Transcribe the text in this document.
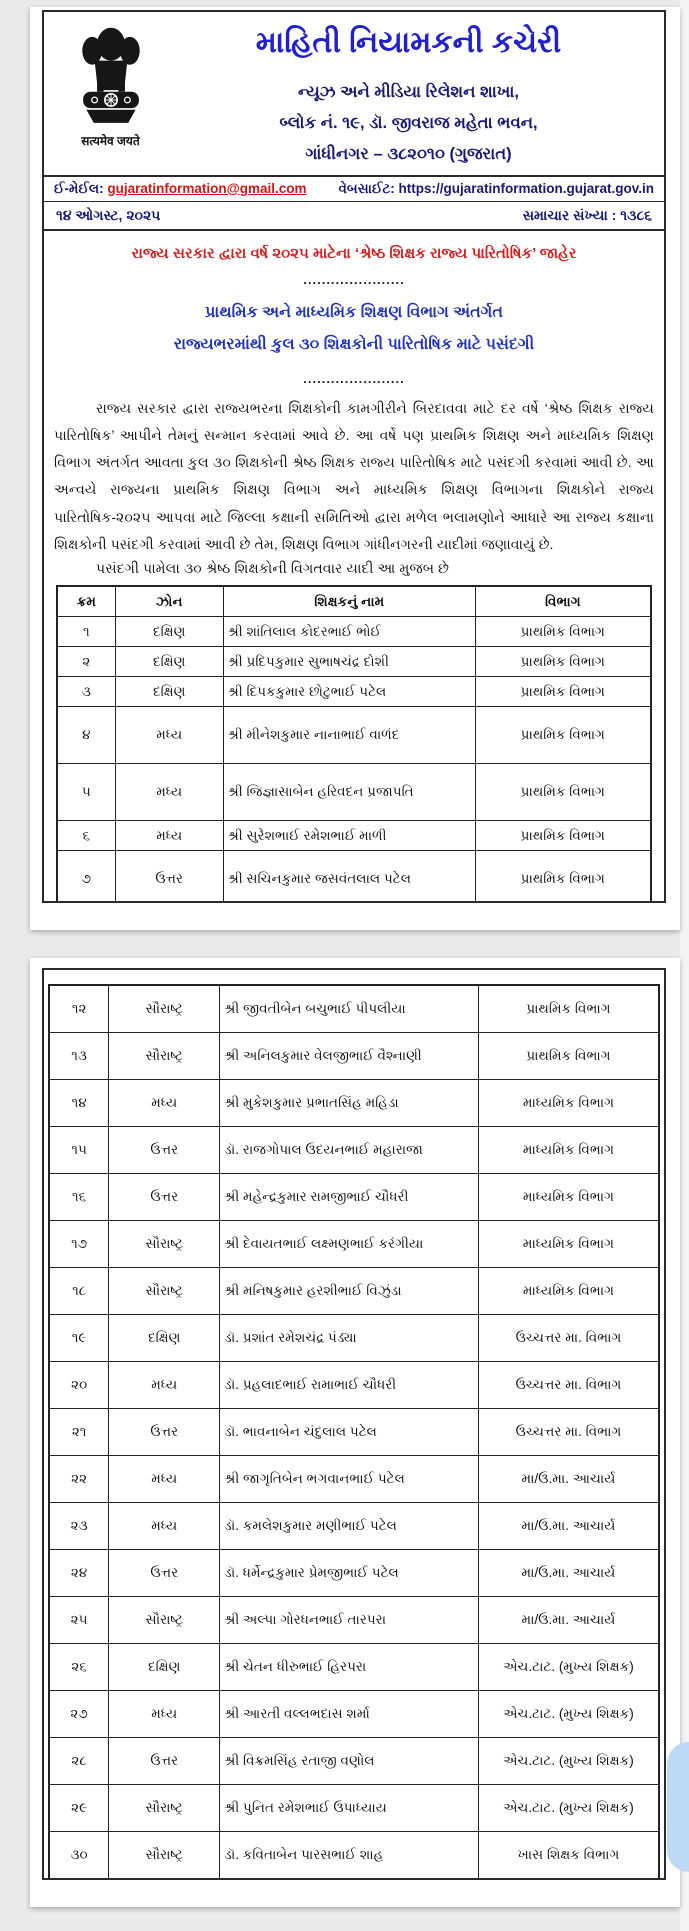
सत्यमेव जयते
માહિતી નિયામકની કચેરી
ન્યૂઝ અને મીડિયા રિલેશન શાખા,
બ્લોક નં. ૧૯, ડૉ. જીવરાજ મહેતા ભવન,
ગાંધીનગર – ૩૮૨૦૧૦ (ગુજરાત)
ઈ-મેઈલ: gujaratinformation@gmail.com વેબસાઈટ: https://gujaratinformation.gujarat.gov.in
૧૪ ઓગસ્ટ, ૨૦૨૫	સમાચાર સંખ્યા : ૧૩૮૬
રાજ્ય સરકાર દ્વારા વર્ષ ૨૦૨૫ માટેના ‘શ્રેષ્ઠ શિક્ષક રાજ્ય પારિતોષિક’ જાહેર
......................
પ્રાથમિક અને માધ્યમિક શિક્ષણ વિભાગ અંતર્ગત
રાજ્યભરમાંથી કુલ ૩૦ શિક્ષકોની પારિતોષિક માટે પસંદગી
......................

રાજ્ય સરકાર દ્વારા રાજ્યભરના શિક્ષકોની કામગીરીને બિરદાવવા માટે દર વર્ષે ‘શ્રેષ્ઠ શિક્ષક રાજ્ય પારિતોષિક’ આપીને તેમનું સન્માન કરવામાં આવે છે. આ વર્ષે પણ પ્રાથમિક શિક્ષણ અને માધ્યમિક શિક્ષણ વિભાગ અંતર્ગત આવતા કુલ ૩૦ શિક્ષકોની શ્રેષ્ઠ શિક્ષક રાજ્ય પારિતોષિક માટે પસંદગી કરવામાં આવી છે. આ અન્વયે રાજ્યના પ્રાથમિક શિક્ષણ વિભાગ અને માધ્યમિક શિક્ષણ વિભાગના શિક્ષકોને રાજ્ય પારિતોષિક-૨૦૨૫ આપવા માટે જિલ્લા કક્ષાની સમિતિઓ દ્વારા મળેલ ભલામણોને આધારે આ રાજ્ય કક્ષાના શિક્ષકોની પસંદગી કરવામાં આવી છે તેમ, શિક્ષણ વિભાગ ગાંધીનગરની યાદીમાં જણાવાયું છે.

પસંદગી પામેલા ૩૦ શ્રેષ્ઠ શિક્ષકોની વિગતવાર યાદી આ મુજબ છે
ક્રમ	ઝોન	શિક્ષકનું નામ	વિભાગ
૧	દક્ષિણ	શ્રી શાંતિલાલ કોદરભાઈ ભોઈ	પ્રાથમિક વિભાગ
૨	દક્ષિણ	શ્રી પ્રદિપકુમાર સુભાષચંદ્ર દોશી	પ્રાથમિક વિભાગ
૩	દક્ષિણ	શ્રી દિપકકુમાર છોટુભાઈ પટેલ	પ્રાથમિક વિભાગ
૪	મધ્ય	શ્રી મીનેશકુમાર નાનાભાઈ વાળંદ	પ્રાથમિક વિભાગ
૫	મધ્ય	શ્રી જિજ્ઞાસાબેન હરિવદન પ્રજાપતિ	પ્રાથમિક વિભાગ
૬	મધ્ય	શ્રી સુરેશભાઈ રમેશભાઈ માળી	પ્રાથમિક વિભાગ
૭	ઉત્તર	શ્રી સચિનકુમાર જસવંતલાલ પટેલ	પ્રાથમિક વિભાગ

૧૨	સૌરાષ્ટ્ર	શ્રી જીવતીબેન બચુભાઈ પીપલીયા	પ્રાથમિક વિભાગ
૧૩	સૌરાષ્ટ્ર	શ્રી અનિલકુમાર વેલજીભાઈ વૈશ્નાણી	પ્રાથમિક વિભાગ
૧૪	મધ્ય	શ્રી મુકેશકુમાર પ્રભાતસિંહ મહિડા	માધ્યમિક વિભાગ
૧૫	ઉત્તર	ડૉ. રાજગોપાલ ઉદયનભાઈ મહારાજા	માધ્યમિક વિભાગ
૧૬	ઉત્તર	શ્રી મહેન્દ્રકુમાર રામજીભાઈ ચૌધરી	માધ્યમિક વિભાગ
૧૭	સૌરાષ્ટ્ર	શ્રી દેવાયતભાઈ લક્ષ્મણભાઈ કરંગીયા	માધ્યમિક વિભાગ
૧૮	સૌરાષ્ટ્ર	શ્રી મનિષકુમાર હરશીભાઈ વિઝુંડા	માધ્યમિક વિભાગ
૧૯	દક્ષિણ	ડૉ. પ્રશાંત રમેશચંદ્ર પંડ્યા	ઉચ્ચત્તર મા. વિભાગ
૨૦	મધ્ય	ડૉ. પ્રહલાદભાઈ રામાભાઈ ચૌધરી	ઉચ્ચત્તર મા. વિભાગ
૨૧	ઉત્તર	ડૉ. ભાવનાબેન ચંદુલાલ પટેલ	ઉચ્ચત્તર મા. વિભાગ
૨૨	મધ્ય	શ્રી જાગૃતિબેન ભગવાનભાઈ પટેલ	મા/ઉ.મા. આચાર્ય
૨૩	મધ્ય	ડૉ. કમલેશકુમાર મણીભાઈ પટેલ	મા/ઉ.મા. આચાર્ય
૨૪	ઉત્તર	ડૉ. ધર્મેન્દ્રકુમાર પ્રેમજીભાઈ પટેલ	મા/ઉ.મા. આચાર્ય
૨૫	સૌરાષ્ટ્ર	શ્રી અલ્પા ગોરધનભાઈ તારપરા	મા/ઉ.મા. આચાર્ય
૨૬	દક્ષિણ	શ્રી ચેતન ધીરુભાઈ હિરપરા	એચ.ટાટ. (મુખ્ય શિક્ષક)
૨૭	મધ્ય	શ્રી આરતી વલ્લભદાસ શર્મા	એચ.ટાટ. (મુખ્ય શિક્ષક)
૨૮	ઉત્તર	શ્રી વિક્રમસિંહ રતાજી વણોલ	એચ.ટાટ. (મુખ્ય શિક્ષક)
૨૯	સૌરાષ્ટ્ર	શ્રી પુનિત રમેશભાઈ ઉપાધ્યાય	એચ.ટાટ. (મુખ્ય શિક્ષક)
૩૦	સૌરાષ્ટ્ર	ડૉ. કવિતાબેન પારસભાઈ શાહ	ખાસ શિક્ષક વિભાગ
